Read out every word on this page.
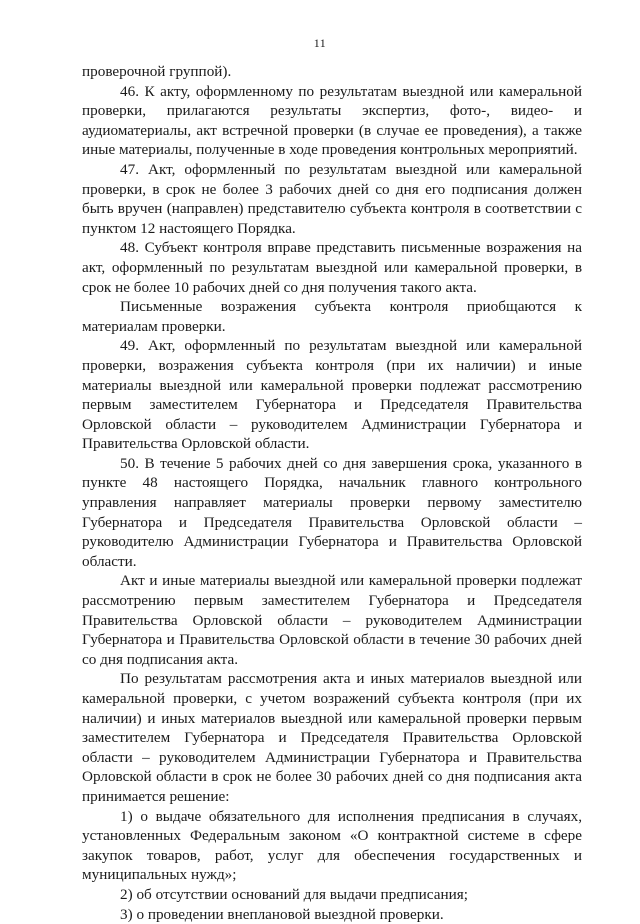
11

проверочной группой).

46. К акту, оформленному по результатам выездной или камеральной проверки, прилагаются результаты экспертиз, фото-, видео- и аудиоматериалы, акт встречной проверки (в случае ее проведения), а также иные материалы, полученные в ходе проведения контрольных мероприятий.

47. Акт, оформленный по результатам выездной или камеральной проверки, в срок не более 3 рабочих дней со дня его подписания должен быть вручен (направлен) представителю субъекта контроля в соответствии с пунктом 12 настоящего Порядка.

48. Субъект контроля вправе представить письменные возражения на акт, оформленный по результатам выездной или камеральной проверки, в срок не более 10 рабочих дней со дня получения такого акта.

Письменные возражения субъекта контроля приобщаются к материалам проверки.

49. Акт, оформленный по результатам выездной или камеральной проверки, возражения субъекта контроля (при их наличии) и иные материалы выездной или камеральной проверки подлежат рассмотрению первым заместителем Губернатора и Председателя Правительства Орловской области – руководителем Администрации Губернатора и Правительства Орловской области.

50. В течение 5 рабочих дней со дня завершения срока, указанного в пункте 48 настоящего Порядка, начальник главного контрольного управления направляет материалы проверки первому заместителю Губернатора и Председателя Правительства Орловской области – руководителю Администрации Губернатора и Правительства Орловской области.

Акт и иные материалы выездной или камеральной проверки подлежат рассмотрению первым заместителем Губернатора и Председателя Правительства Орловской области – руководителем Администрации Губернатора и Правительства Орловской области в течение 30 рабочих дней со дня подписания акта.

По результатам рассмотрения акта и иных материалов выездной или камеральной проверки, с учетом возражений субъекта контроля (при их наличии) и иных материалов выездной или камеральной проверки первым заместителем Губернатора и Председателя Правительства Орловской области – руководителем Администрации Губернатора и Правительства Орловской области в срок не более 30 рабочих дней со дня подписания акта принимается решение:

1) о выдаче обязательного для исполнения предписания в случаях, установленных Федеральным законом «О контрактной системе в сфере закупок товаров, работ, услуг для обеспечения государственных и муниципальных нужд»;

2) об отсутствии оснований для выдачи предписания;

3) о проведении внеплановой выездной проверки.
